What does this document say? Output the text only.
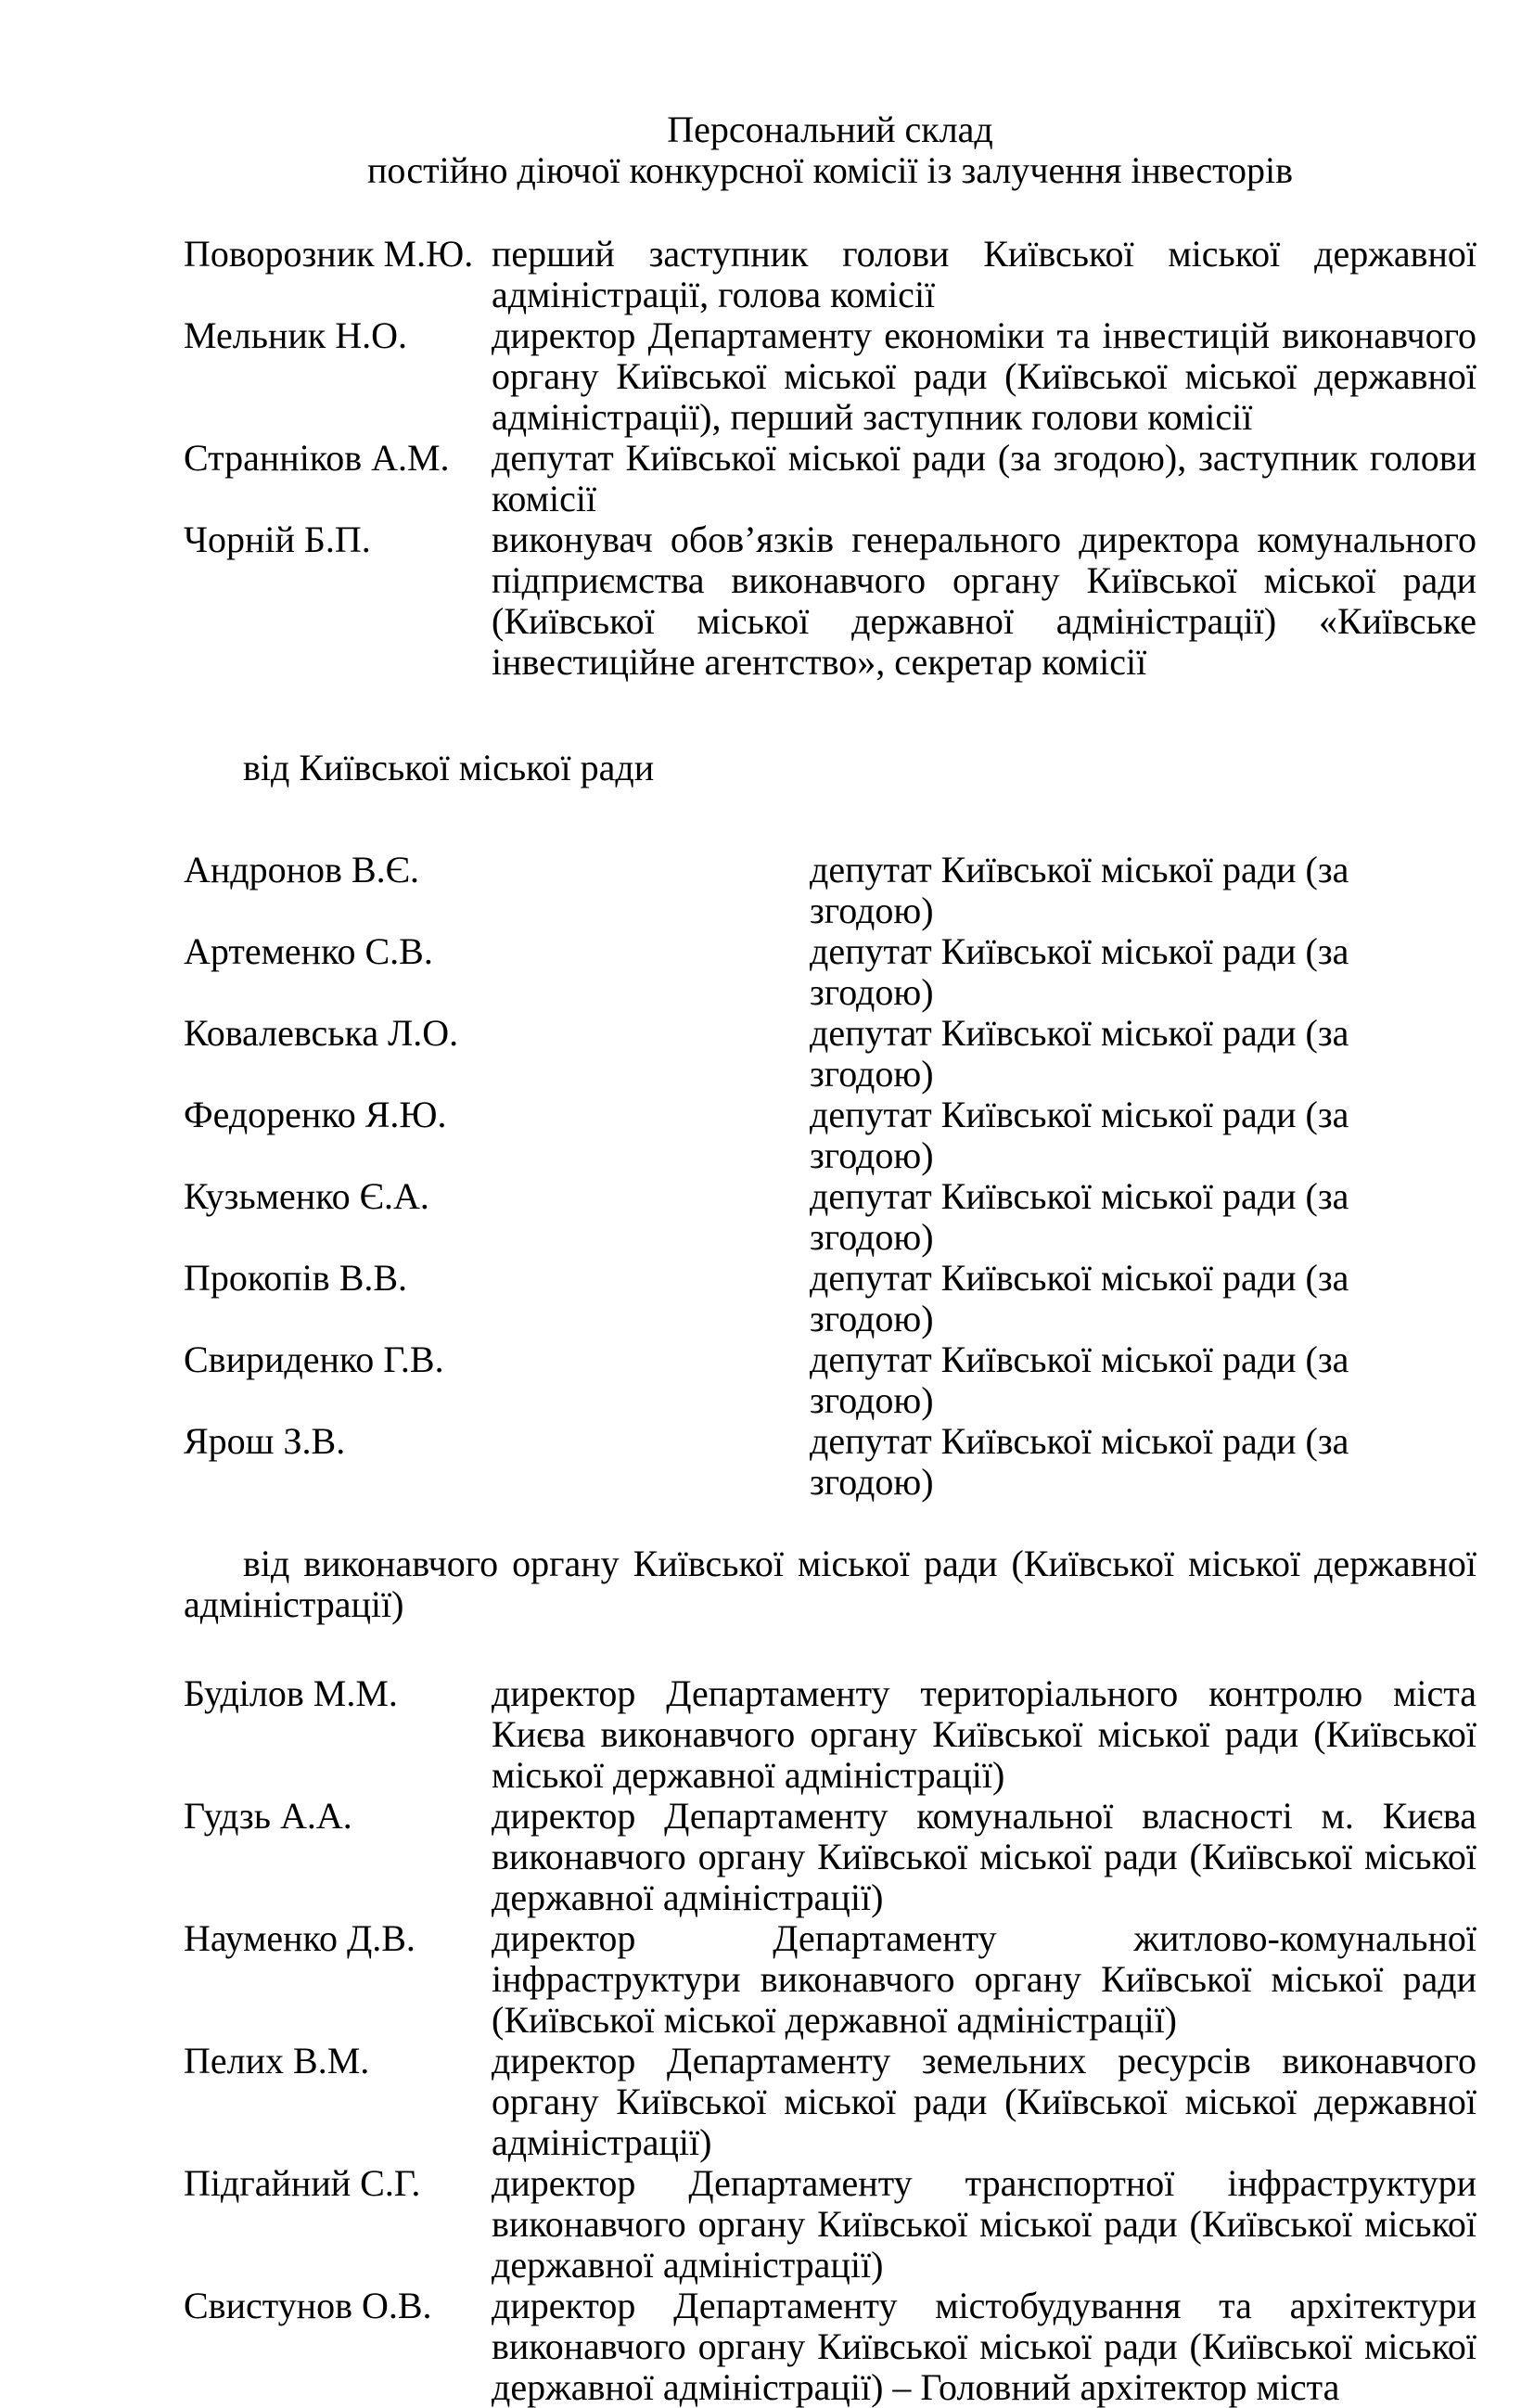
Персональний склад
постійно діючої конкурсної комісії із залучення інвесторів
Поворозник М.Ю. перший заступник голови Київської міської державної адміністрації, голова комісії
Мельник Н.О.	директор Департаменту економіки та інвестицій виконавчого органу Київської міської ради (Київської міської державної адміністрації), перший заступник голови комісії
Странніков А.М.	депутат Київської міської ради (за згодою), заступник голови комісії
Чорній Б.П.	виконувач обов’язків генерального директора комунального підприємства виконавчого органу Київської міської ради (Київської міської державної адміністрації) «Київське інвестиційне агентство», секретар комісії
від Київської міської ради
Андронов В.Є.	депутат Київської міської ради (за згодою)
Артеменко С.В.	депутат Київської міської ради (за згодою)
Ковалевська Л.О.	депутат Київської міської ради (за згодою)
Федоренко Я.Ю.	депутат Київської міської ради (за згодою)
Кузьменко Є.А.	депутат Київської міської ради (за згодою)
Прокопів В.В.	депутат Київської міської ради (за згодою)
Свириденко Г.В.	депутат Київської міської ради (за згодою)
Ярош З.В.	депутат Київської міської ради (за згодою)
від виконавчого органу Київської міської ради (Київської міської державної адміністрації)
Буділов М.М.	директор Департаменту територіального контролю міста Києва виконавчого органу Київської міської ради (Київської міської державної адміністрації)
Гудзь А.А.	директор Департаменту комунальної власності м. Києва виконавчого органу Київської міської ради (Київської міської державної адміністрації)
Науменко Д.В.	директор Департаменту житлово-комунальної інфраструктури виконавчого органу Київської міської ради (Київської міської державної адміністрації)
Пелих В.М.	директор Департаменту земельних ресурсів виконавчого органу Київської міської ради (Київської міської державної адміністрації)
Підгайний С.Г.	директор Департаменту транспортної інфраструктури виконавчого органу Київської міської ради (Київської міської державної адміністрації)
Свистунов О.В.	директор Департаменту містобудування та архітектури виконавчого органу Київської міської ради (Київської міської державної адміністрації) – Головний архітектор міста
